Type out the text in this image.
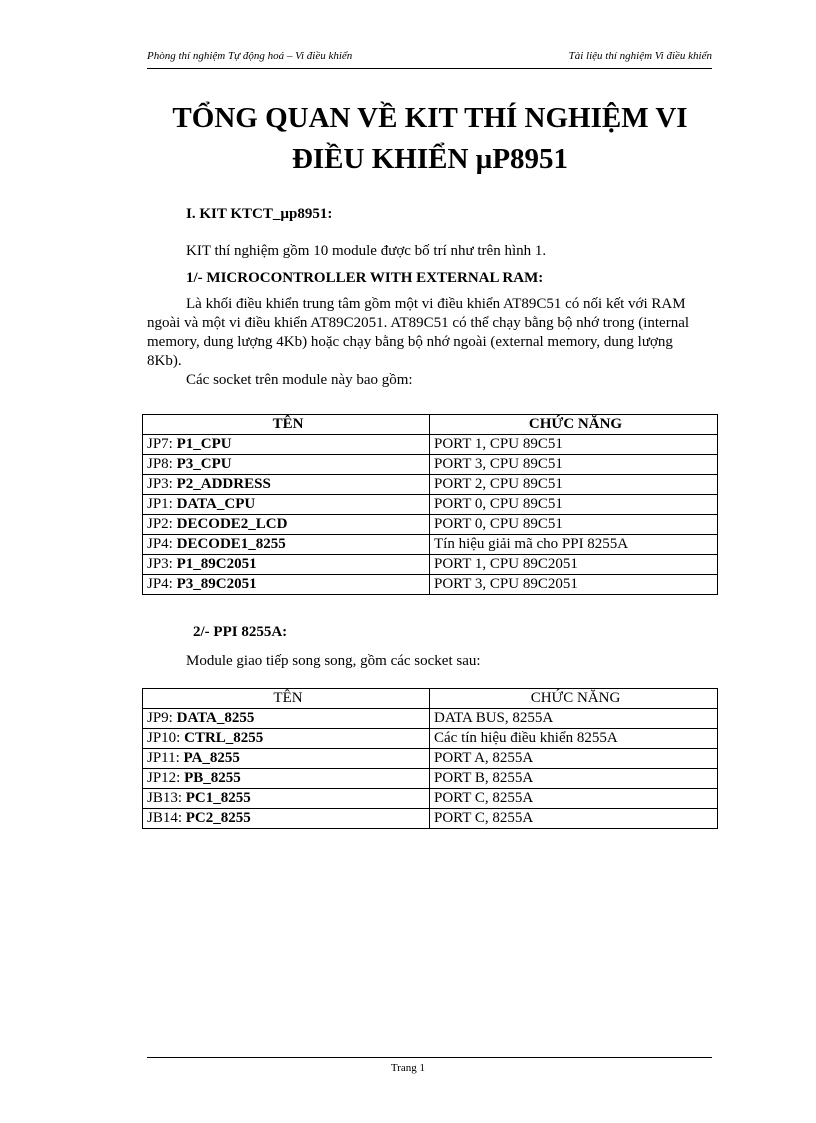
Phòng thí nghiệm Tự động hoá – Vi điều khiển	Tài liệu thí nghiệm Vi điều khiển
TỔNG QUAN VỀ KIT THÍ NGHIỆM VI
ĐIỀU KHIỂN µP8951
I. KIT KTCT_µp8951:
KIT thí nghiệm gồm 10 module được bố trí như trên hình 1.
1/- MICROCONTROLLER WITH EXTERNAL RAM:

Là khối điều khiển trung tâm gồm một vi điều khiển AT89C51 có nối kết với RAM ngoài và một vi điều khiển AT89C2051. AT89C51 có thể chạy bằng bộ nhớ trong (internal memory, dung lượng 4Kb) hoặc chạy bằng bộ nhớ ngoài (external memory, dung lượng 8Kb).

Các socket trên module này bao gồm:

TÊN	CHỨC NĂNG
JP7: P1_CPU	PORT 1, CPU 89C51
JP8: P3_CPU	PORT 3, CPU 89C51
JP3: P2_ADDRESS	PORT 2, CPU 89C51
JP1: DATA_CPU	PORT 0, CPU 89C51
JP2: DECODE2_LCD	PORT 0, CPU 89C51
JP4: DECODE1_8255	Tín hiệu giải mã cho PPI 8255A
JP3: P1_89C2051	PORT 1, CPU 89C2051
JP4: P3_89C2051	PORT 3, CPU 89C2051
2/- PPI 8255A:
Module giao tiếp song song, gồm các socket sau:
TÊN	CHỨC NĂNG
JP9: DATA_8255	DATA BUS, 8255A
JP10: CTRL_8255	Các tín hiệu điều khiển 8255A
JP11: PA_8255	PORT A, 8255A
JP12: PB_8255	PORT B, 8255A
JB13: PC1_8255	PORT C, 8255A
JB14: PC2_8255	PORT C, 8255A
Trang 1
